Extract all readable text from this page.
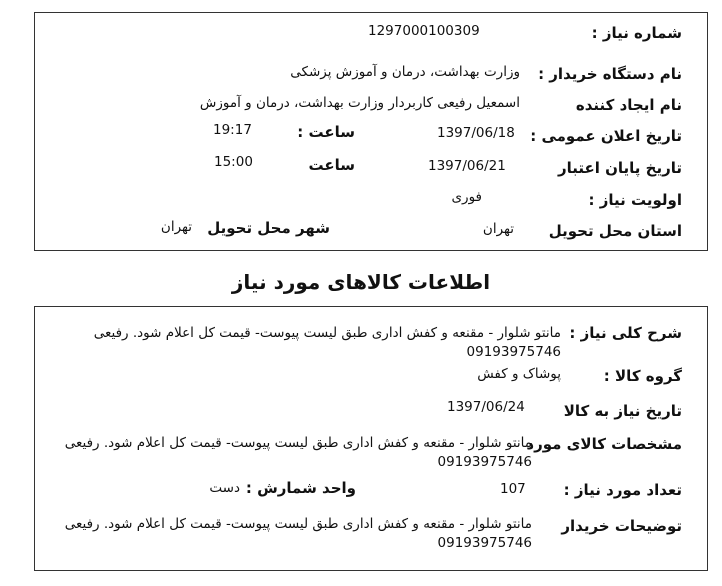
شماره نیاز :
1297000100309
نام دستگاه خریدار :
وزارت بهداشت، درمان و آموزش پزشکی
نام ایجاد کننده
اسمعیل رفیعی کاربردار وزارت بهداشت، درمان و آموزش
تاریخ اعلان عمومی :
1397/06/18
ساعت :
19:17
تاریخ پایان اعتبار
1397/06/21
ساعت
15:00
اولویت نیاز :
فوری
استان محل تحویل
تهران
شهر محل تحویل
تهران
اطلاعات کالاهای مورد نیاز
شرح کلی نیاز :
مانتو شلوار - مقنعه و کفش اداری طبق لیست پیوست- قیمت کل اعلام شود. رفیعی 09193975746
گروه کالا :
پوشاک و کفش
تاریخ نیاز به کالا
1397/06/24
مشخصات کالای مورد
مانتو شلوار - مقنعه و کفش اداری طبق لیست پیوست- قیمت کل اعلام شود. رفیعی 09193975746
تعداد مورد نیاز :
107
واحد شمارش :
دست
توضیحات خریدار
مانتو شلوار - مقنعه و کفش اداری طبق لیست پیوست- قیمت کل اعلام شود. رفیعی 09193975746
